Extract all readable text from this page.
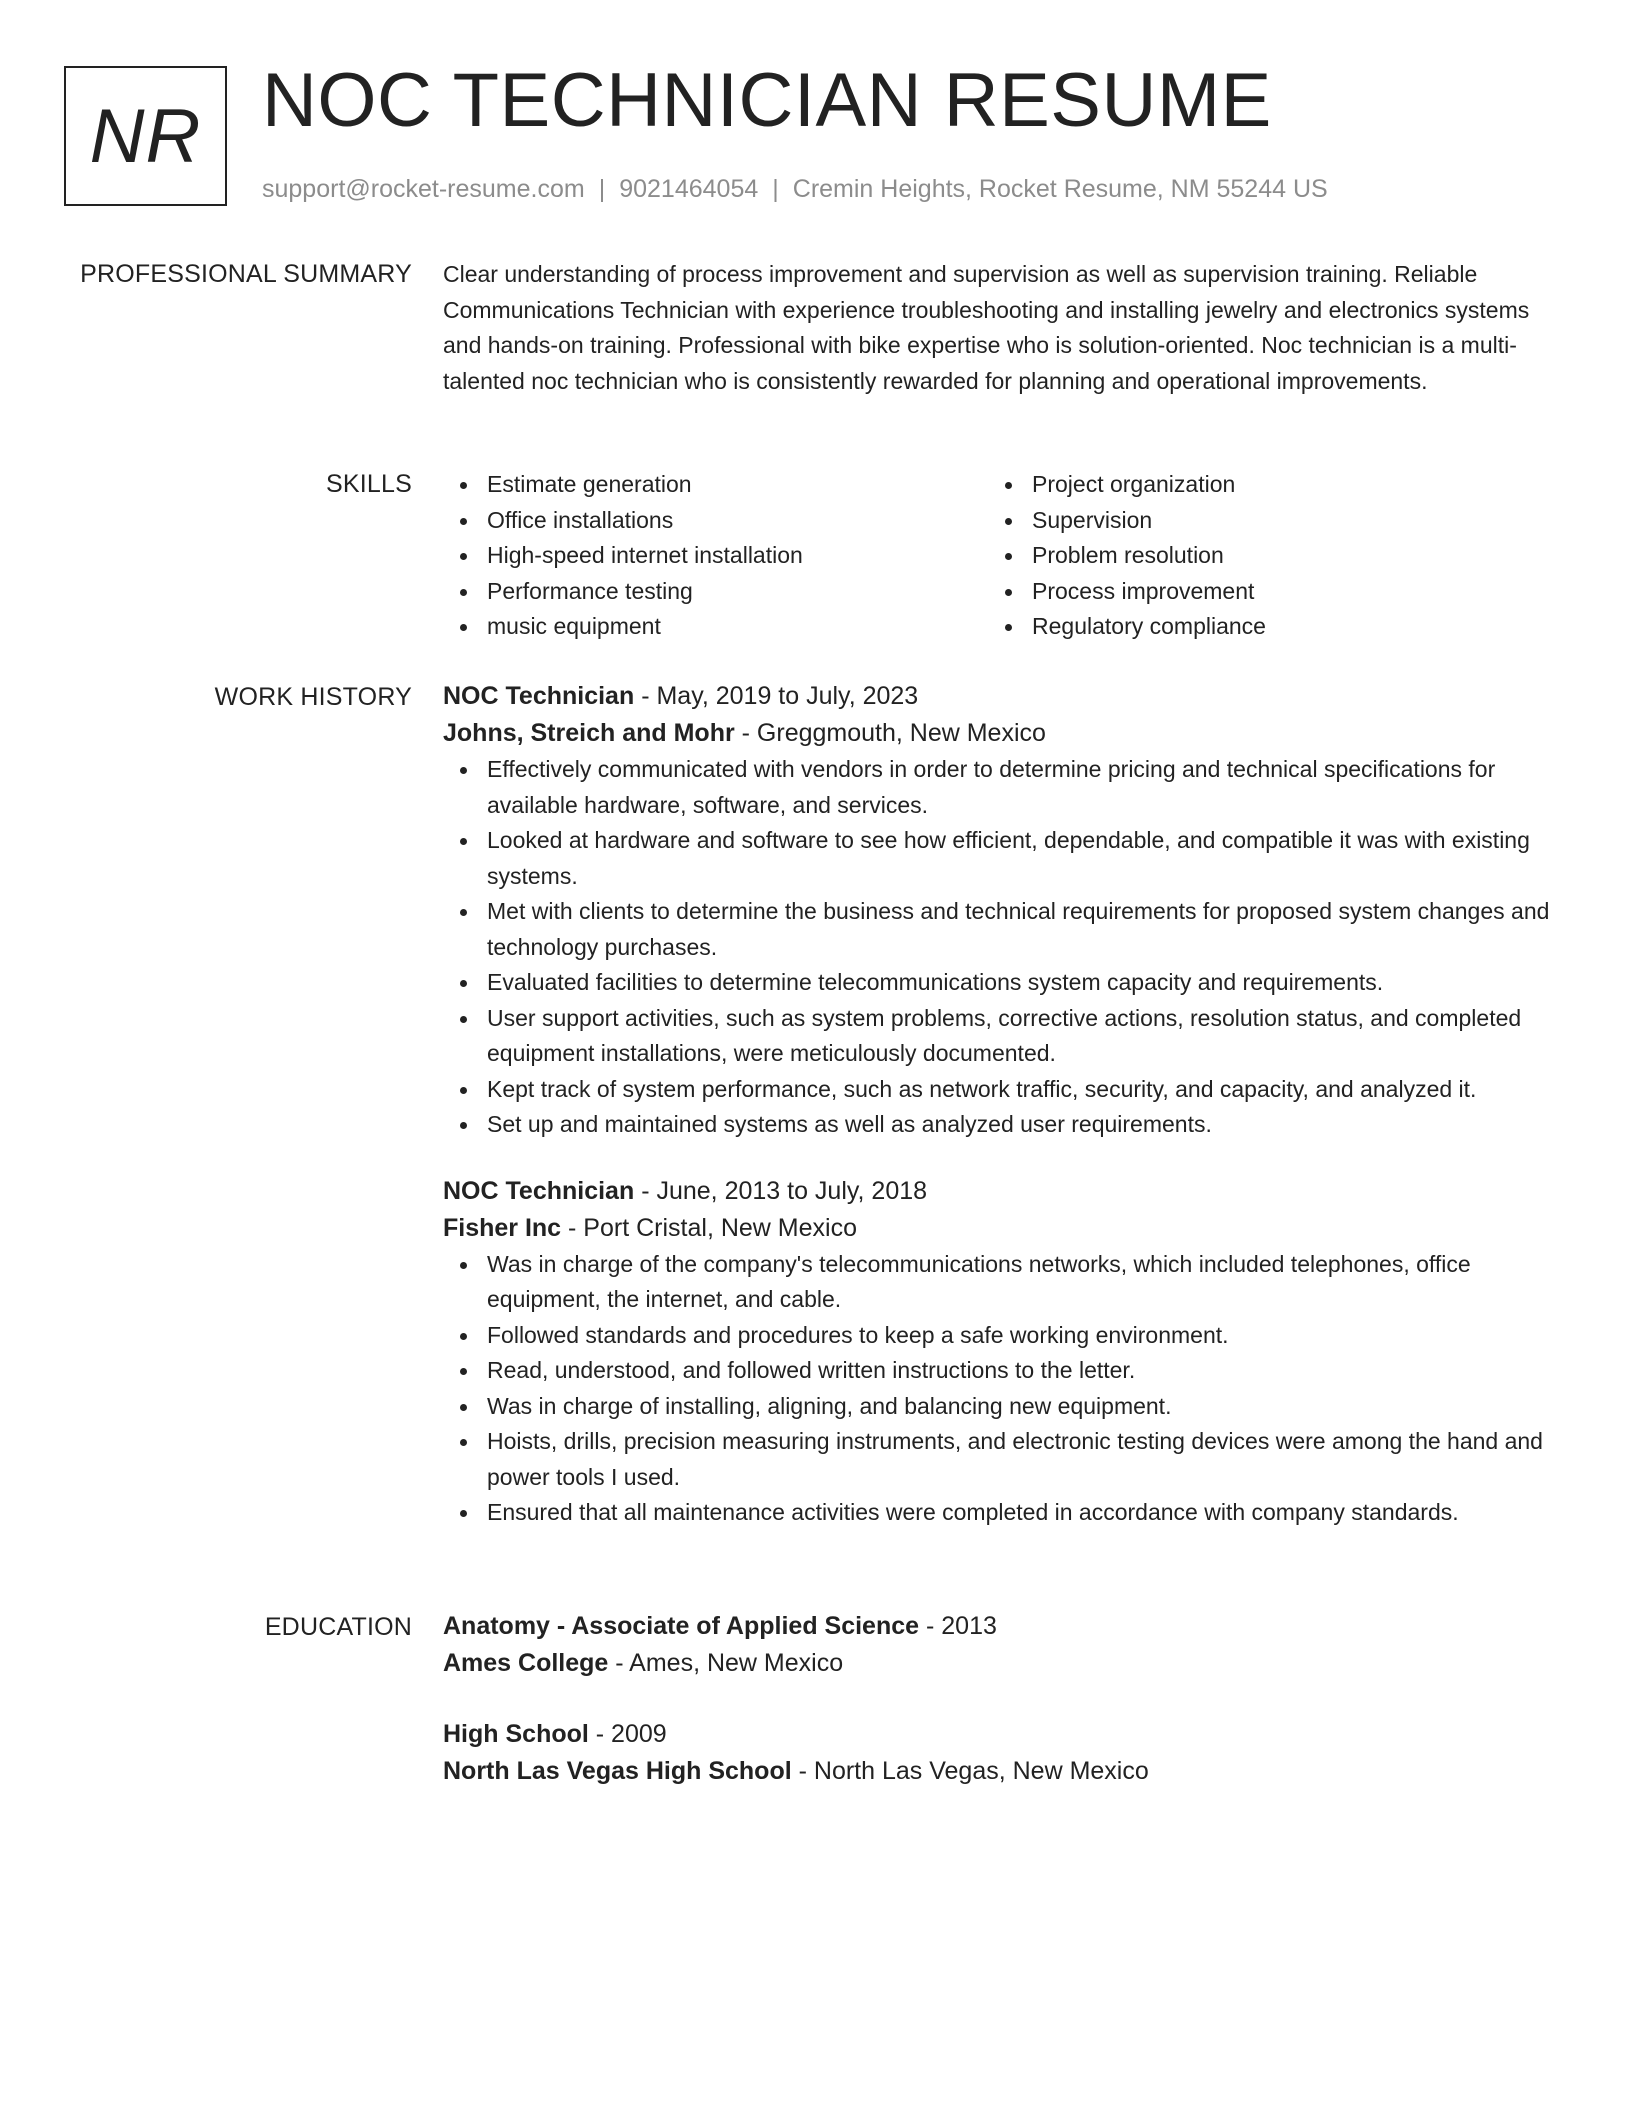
NR NOC TECHNICIAN RESUME
support@rocket-resume.com | 9021464054 | Cremin Heights, Rocket Resume, NM 55244 US
PROFESSIONAL SUMMARY Clear understanding of process improvement and supervision as well as supervision training. Reliable Communications Technician with experience troubleshooting and installing jewelry and electronics systems and hands-on training. Professional with bike expertise who is solution-oriented. Noc technician is a multi-talented noc technician who is consistently rewarded for planning and operational improvements.

SKILLS	Estimate generation
Office installations
High-speed internet installation
Performance testing
music equipment
Project organization
Supervision
Problem resolution
Process improvement
Regulatory compliance
WORK HISTORY NOC Technician - May, 2019 to July, 2023
Johns, Streich and Mohr - Greggmouth, New Mexico
Effectively communicated with vendors in order to determine pricing and technical specifications for available hardware, software, and services.
Looked at hardware and software to see how efficient, dependable, and compatible it was with existing systems.
Met with clients to determine the business and technical requirements for proposed system changes and technology purchases.
Evaluated facilities to determine telecommunications system capacity and requirements.
User support activities, such as system problems, corrective actions, resolution status, and completed equipment installations, were meticulously documented.
Kept track of system performance, such as network traffic, security, and capacity, and analyzed it.
Set up and maintained systems as well as analyzed user requirements.
NOC Technician - June, 2013 to July, 2018
Fisher Inc - Port Cristal, New Mexico
Was in charge of the company's telecommunications networks, which included telephones, office equipment, the internet, and cable.
Followed standards and procedures to keep a safe working environment.
Read, understood, and followed written instructions to the letter.
Was in charge of installing, aligning, and balancing new equipment.
Hoists, drills, precision measuring instruments, and electronic testing devices were among the hand and power tools I used.
Ensured that all maintenance activities were completed in accordance with company standards.
EDUCATION Anatomy - Associate of Applied Science - 2013
Ames College - Ames, New Mexico
High School - 2009
North Las Vegas High School - North Las Vegas, New Mexico
